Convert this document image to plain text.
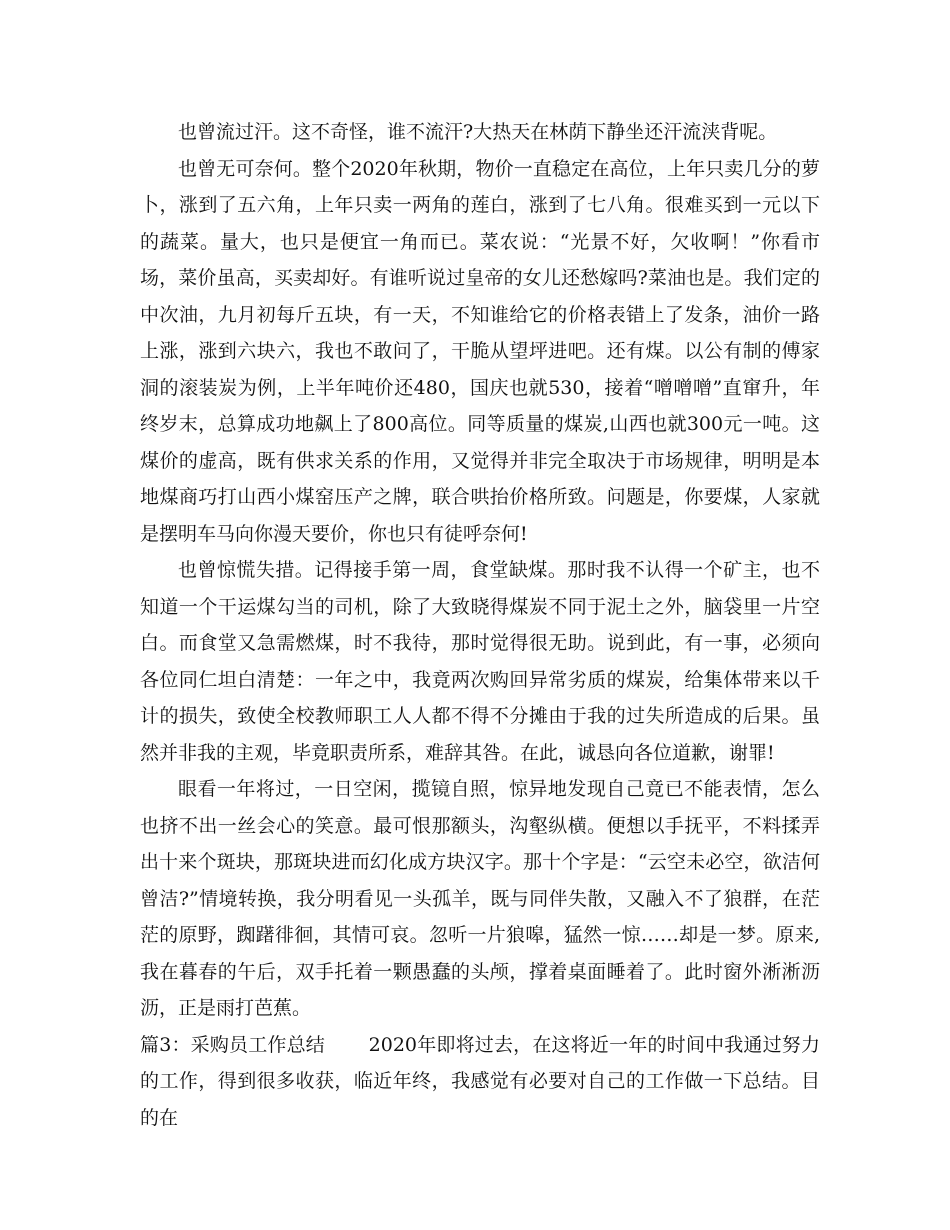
也曾流过汗。这不奇怪，谁不流汗?大热天在林荫下静坐还汗流浃背呢。

也曾无可奈何。整个2020年秋期，物价一直稳定在高位，上年只卖几分的萝卜，涨到了五六角，上年只卖一两角的莲白，涨到了七八角。很难买到一元以下的蔬菜。量大，也只是便宜一角而已。菜农说：“光景不好，欠收啊！”你看市场，菜价虽高，买卖却好。有谁听说过皇帝的女儿还愁嫁吗?菜油也是。我们定的中次油，九月初每斤五块，有一天，不知谁给它的价格表错上了发条，油价一路上涨，涨到六块六，我也不敢问了，干脆从望坪进吧。还有煤。以公有制的傅家洞的滚装炭为例，上半年吨价还480，国庆也就530，接着“噌噌噌”直窜升，年终岁末，总算成功地飙上了800高位。同等质量的煤炭,山西也就300元一吨。这煤价的虚高，既有供求关系的作用，又觉得并非完全取决于市场规律，明明是本地煤商巧打山西小煤窑压产之牌，联合哄抬价格所致。问题是，你要煤，人家就是摆明车马向你漫天要价，你也只有徒呼奈何!

也曾惊慌失措。记得接手第一周，食堂缺煤。那时我不认得一个矿主，也不知道一个干运煤勾当的司机，除了大致晓得煤炭不同于泥土之外，脑袋里一片空白。而食堂又急需燃煤，时不我待，那时觉得很无助。说到此，有一事，必须向各位同仁坦白清楚：一年之中，我竟两次购回异常劣质的煤炭，给集体带来以千计的损失，致使全校教师职工人人都不得不分摊由于我的过失所造成的后果。虽然并非我的主观，毕竟职责所系，难辞其咎。在此，诚恳向各位道歉，谢罪!

眼看一年将过，一日空闲，揽镜自照，惊异地发现自己竟已不能表情，怎么也挤不出一丝会心的笑意。最可恨那额头，沟壑纵横。便想以手抚平，不料揉弄出十来个斑块，那斑块进而幻化成方块汉字。那十个字是：“云空未必空，欲洁何曾洁?”情境转换，我分明看见一头孤羊，既与同伴失散，又融入不了狼群，在茫茫的原野，踟躇徘徊，其情可哀。忽听一片狼嗥，猛然一惊……却是一梦。原来,我在暮春的午后，双手托着一颗愚蠢的头颅，撑着桌面睡着了。此时窗外淅淅沥沥，正是雨打芭蕉。

篇3：采购员工作总结 2020年即将过去，在这将近一年的时间中我通过努力的工作，得到很多收获，临近年终，我感觉有必要对自己的工作做一下总结。目的在
